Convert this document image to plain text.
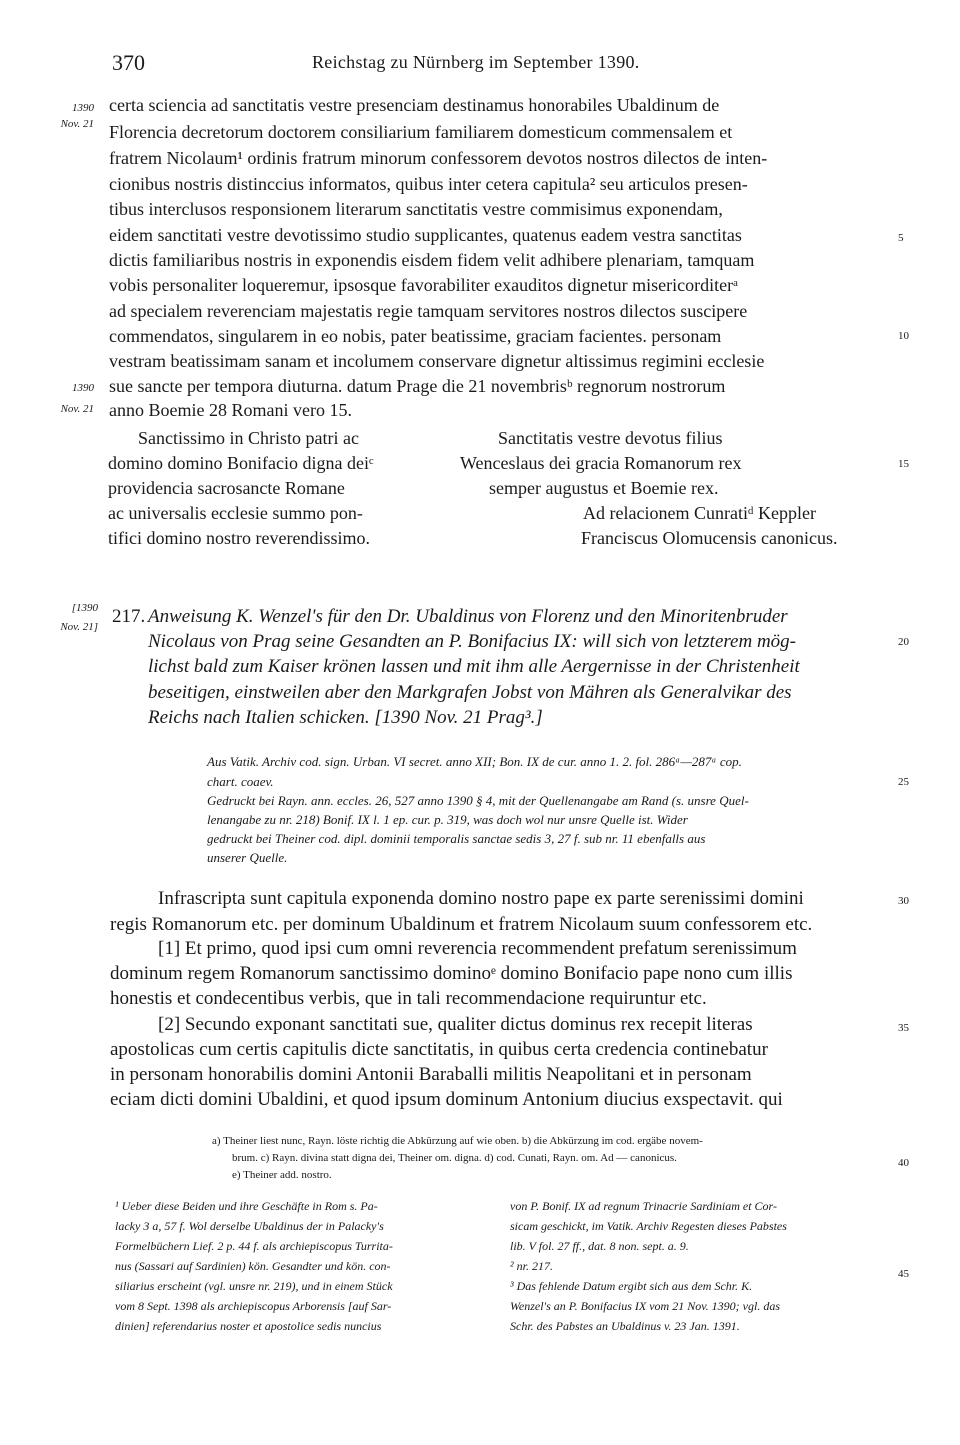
370	Reichstag zu Nürnberg im September 1390.
1390
Nov. 21
1390
Nov. 21
[1390
Nov. 21]
5
10
15
20
25
30
35
40
45
certa sciencia ad sanctitatis vestre presenciam destinamus honorabiles Ubaldinum de
Florencia decretorum doctorem consiliarium familiarem domesticum commensalem et
fratrem Nicolaum¹ ordinis fratrum minorum confessorem devotos nostros dilectos de inten-
cionibus nostris distinccius informatos, quibus inter cetera capitula² seu articulos presen-
tibus interclusos responsionem literarum sanctitatis vestre commisimus exponendam,
eidem sanctitati vestre devotissimo studio supplicantes, quatenus eadem vestra sanctitas
dictis familiaribus nostris in exponendis eisdem fidem velit adhibere plenariam, tamquam
vobis personaliter loqueremur, ipsosque favorabiliter exauditos dignetur misericorditerᵃ
ad specialem reverenciam majestatis regie tamquam servitores nostros dilectos suscipere
commendatos, singularem in eo nobis, pater beatissime, graciam facientes. personam
vestram beatissimam sanam et incolumem conservare dignetur altissimus regimini ecclesie
sue sancte per tempora diuturna. datum Prage die 21 novembrisᵇ regnorum nostrorum
anno Boemie 28 Romani vero 15.
Sanctissimo in Christo patri ac
domino domino Bonifacio digna deiᶜ
providencia sacrosancte Romane
ac universalis ecclesie summo pon-
tifici domino nostro reverendissimo.
Sanctitatis vestre devotus filius
Wenceslaus dei gracia Romanorum rex
semper augustus et Boemie rex.
Ad relacionem Cunratiᵈ Keppler
Franciscus Olomucensis canonicus.
217. Anweisung K. Wenzel's für den Dr. Ubaldinus von Florenz und den Minoritenbruder
Nicolaus von Prag seine Gesandten an P. Bonifacius IX: will sich von letzterem mög-
lichst bald zum Kaiser krönen lassen und mit ihm alle Aergernisse in der Christenheit
beseitigen, einstweilen aber den Markgrafen Jobst von Mähren als Generalvikar des
Reichs nach Italien schicken. [1390 Nov. 21 Prag³.]
Aus Vatik. Archiv cod. sign. Urban. VI secret. anno XII; Bon. IX de cur. anno 1. 2. fol. 286ᵃ—287ᵃ cop.
chart. coaev.
Gedruckt bei Rayn. ann. eccles. 26, 527 anno 1390 § 4, mit der Quellenangabe am Rand (s. unsre Quel-
lenangabe zu nr. 218) Bonif. IX l. 1 ep. cur. p. 319, was doch wol nur unsre Quelle ist. Wider
gedruckt bei Theiner cod. dipl. dominii temporalis sanctae sedis 3, 27 f. sub nr. 11 ebenfalls aus
unserer Quelle.
Infrascripta sunt capitula exponenda domino nostro pape ex parte serenissimi domini
regis Romanorum etc. per dominum Ubaldinum et fratrem Nicolaum suum confessorem etc.
[1] Et primo, quod ipsi cum omni reverencia recommendent prefatum serenissimum
dominum regem Romanorum sanctissimo dominoᵉ domino Bonifacio pape nono cum illis
honestis et condecentibus verbis, que in tali recommendacione requiruntur etc.
[2] Secundo exponant sanctitati sue, qualiter dictus dominus rex recepit literas
apostolicas cum certis capitulis dicte sanctitatis, in quibus certa credencia continebatur
in personam honorabilis domini Antonii Baraballi militis Neapolitani et in personam
eciam dicti domini Ubaldini, et quod ipsum dominum Antonium diucius exspectavit. qui
a) Theiner liest nunc, Rayn. löste richtig die Abkürzung auf wie oben. b) die Abkürzung im cod. ergäbe novem-
brum. c) Rayn. divina statt digna dei, Theiner om. digna. d) cod. Cunati, Rayn. om. Ad — canonicus.
e) Theiner add. nostro.
¹ Ueber diese Beiden und ihre Geschäfte in Rom s. Pa-
lacky 3 a, 57 f. Wol derselbe Ubaldinus der in Palacky's
Formelbüchern Lief. 2 p. 44 f. als archiepiscopus Turrita-
nus (Sassari auf Sardinien) kön. Gesandter und kön. con-
siliarius erscheint (vgl. unsre nr. 219), und in einem Stück
vom 8 Sept. 1398 als archiepiscopus Arborensis [auf Sar-
dinien] referendarius noster et apostolice sedis nuncius
von P. Bonif. IX ad regnum Trinacrie Sardiniam et Cor-
sicam geschickt, im Vatik. Archiv Regesten dieses Pabstes
lib. V fol. 27 ff., dat. 8 non. sept. a. 9.
² nr. 217.
³ Das fehlende Datum ergibt sich aus dem Schr. K.
Wenzel's an P. Bonifacius IX vom 21 Nov. 1390; vgl. das
Schr. des Pabstes an Ubaldinus v. 23 Jan. 1391.
